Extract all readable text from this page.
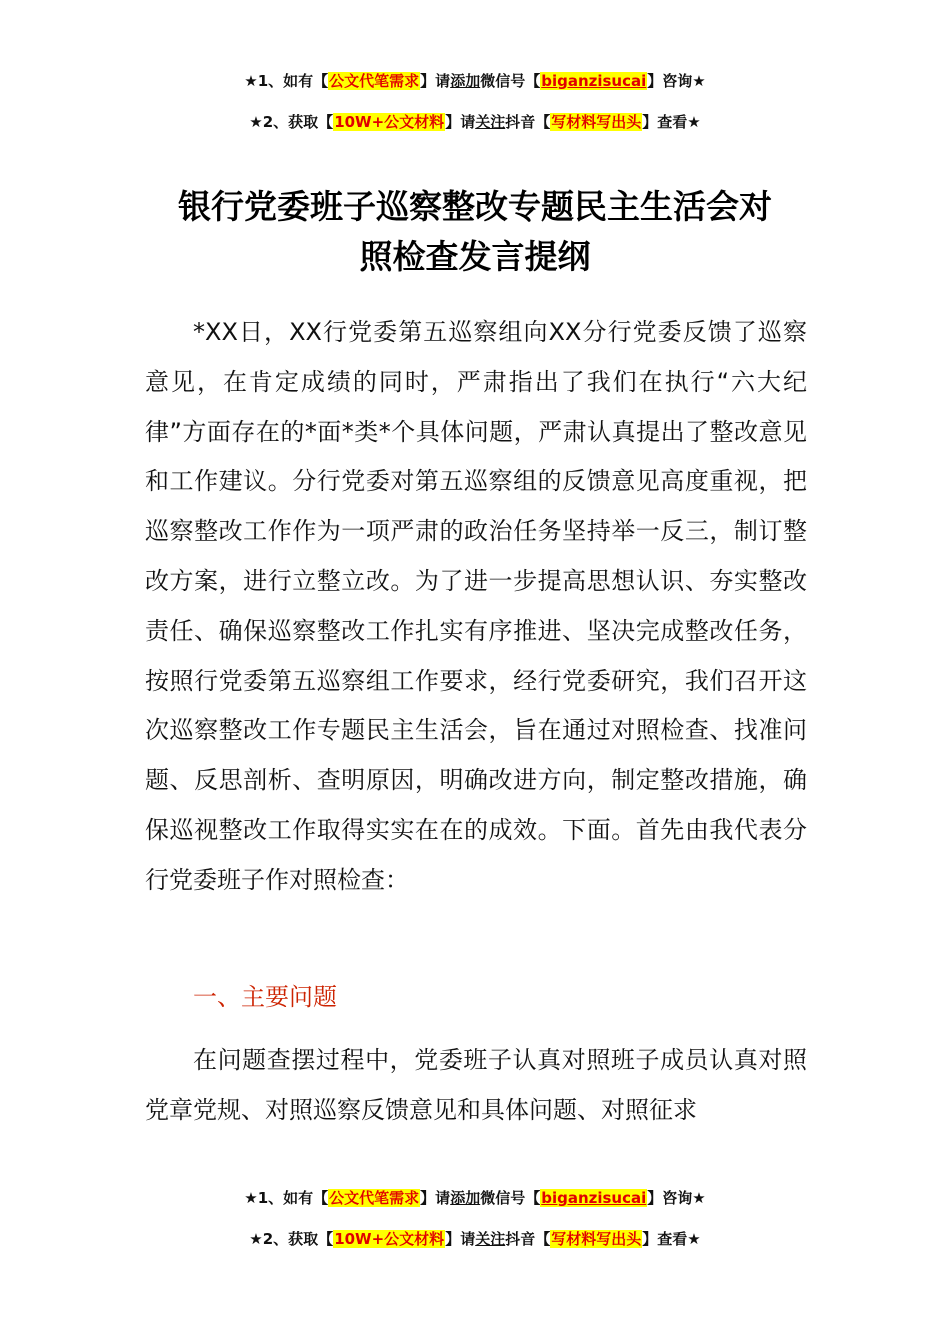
★1、如有【公文代笔需求】请添加微信号【biganzisucai】咨询★
★2、获取【10W+公文材料】请关注抖音【写材料写出头】查看★
银行党委班子巡察整改专题民主生活会对
照检查发言提纲

*XX日，XX行党委第五巡察组向XX分行党委反馈了巡察意见，在肯定成绩的同时，严肃指出了我们在执行“六大纪律”方面存在的*面*类*个具体问题，严肃认真提出了整改意见和工作建议。分行党委对第五巡察组的反馈意见高度重视，把巡察整改工作作为一项严肃的政治任务坚持举一反三，制订整改方案，进行立整立改。为了进一步提高思想认识、夯实整改责任、确保巡察整改工作扎实有序推进、坚决完成整改任务，按照行党委第五巡察组工作要求，经行党委研究，我们召开这次巡察整改工作专题民主生活会，旨在通过对照检查、找准问题、反思剖析、查明原因，明确改进方向，制定整改措施，确保巡视整改工作取得实实在在的成效。下面。首先由我代表分行党委班子作对照检查：

一、主要问题

在问题查摆过程中，党委班子认真对照班子成员认真对照党章党规、对照巡察反馈意见和具体问题、对照征求

★1、如有【公文代笔需求】请添加微信号【biganzisucai】咨询★
★2、获取【10W+公文材料】请关注抖音【写材料写出头】查看★
